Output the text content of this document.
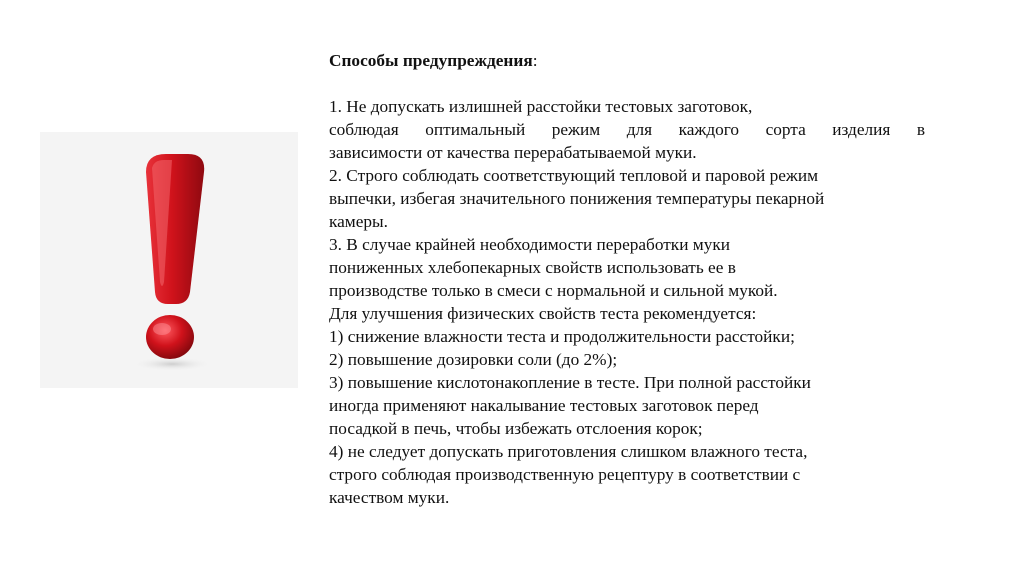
Способы предупреждения:

1. Не допускать излишней расстойки тестовых заготовок,

соблюдая оптимальный режим для каждого сорта изделия в

зависимости от качества перерабатываемой муки.

2. Строго соблюдать соответствующий тепловой и паровой режим

выпечки, избегая значительного понижения температуры пекарной

камеры.

3. В случае крайней необходимости переработки муки

пониженных хлебопекарных свойств использовать ее в

производстве только в смеси с нормальной и сильной мукой.

Для улучшения физических свойств теста рекомендуется:

1) снижение влажности теста и продолжительности расстойки;

2) повышение дозировки соли (до 2%);

3) повышение кислотонакопление в тесте. При полной расстойки

иногда применяют накалывание тестовых заготовок перед

посадкой в печь, чтобы избежать отслоения корок;

4) не следует допускать приготовления слишком влажного теста,

строго соблюдая производственную рецептуру в соответствии с

качеством муки.
